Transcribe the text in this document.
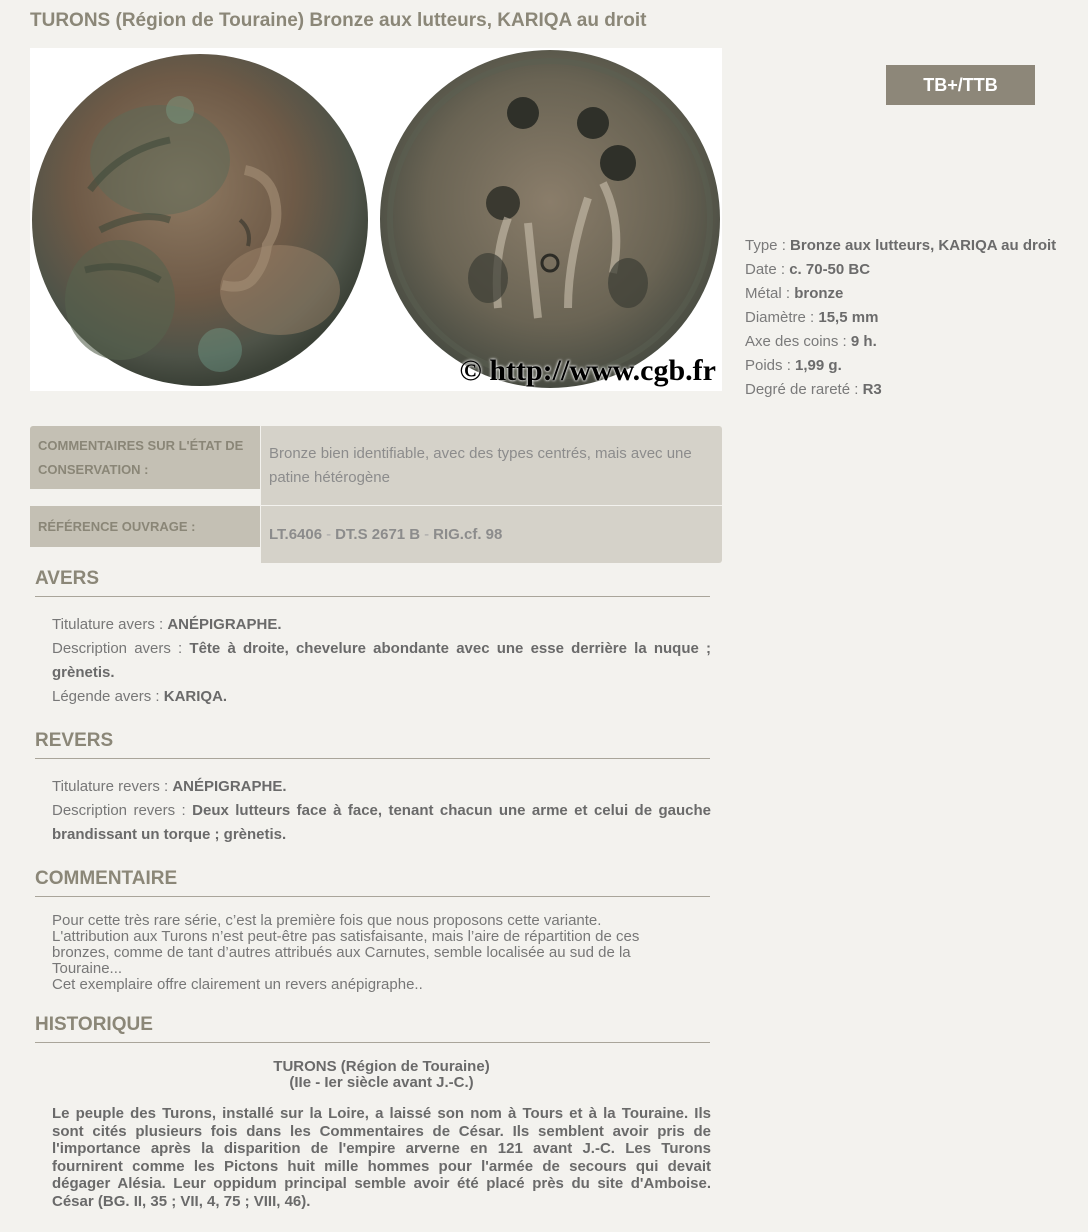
TURONS (Région de Touraine) Bronze aux lutteurs, KARIQA au droit
© http://www.cgb.fr
TB+/TTB
Type : Bronze aux lutteurs, KARIQA au droit
Date : c. 70-50 BC
Métal : bronze
Diamètre : 15,5 mm
Axe des coins : 9 h.
Poids : 1,99 g.
Degré de rareté : R3
COMMENTAIRES SUR L'ÉTAT DE CONSERVATION :
Bronze bien identifiable, avec des types centrés, mais avec une patine hétérogène
RÉFÉRENCE OUVRAGE :	LT.6406 - DT.S 2671 B - RIG.cf. 98
AVERS
Titulature avers : ANÉPIGRAPHE.
Description avers : Tête à droite, chevelure abondante avec une esse derrière la nuque ; grènetis.
Légende avers : KARIQA.
REVERS
Titulature revers : ANÉPIGRAPHE.
Description revers : Deux lutteurs face à face, tenant chacun une arme et celui de gauche brandissant un torque ; grènetis.
COMMENTAIRE
Pour cette très rare série, c’est la première fois que nous proposons cette variante.
L'attribution aux Turons n’est peut-être pas satisfaisante, mais l’aire de répartition de ces
bronzes, comme de tant d’autres attribués aux Carnutes, semble localisée au sud de la
Touraine...
Cet exemplaire offre clairement un revers anépigraphe..
HISTORIQUE
TURONS (Région de Touraine)
(IIe - Ier siècle avant J.-C.)
Le peuple des Turons, installé sur la Loire, a laissé son nom à Tours et à la Touraine. Ils sont cités plusieurs fois dans les Commentaires de César. Ils semblent avoir pris de l'importance après la disparition de l'empire arverne en 121 avant J.-C. Les Turons fournirent comme les Pictons huit mille hommes pour l'armée de secours qui devait dégager Alésia. Leur oppidum principal semble avoir été placé près du site d'Amboise. César (BG. II, 35 ; VII, 4, 75 ; VIII, 46).
